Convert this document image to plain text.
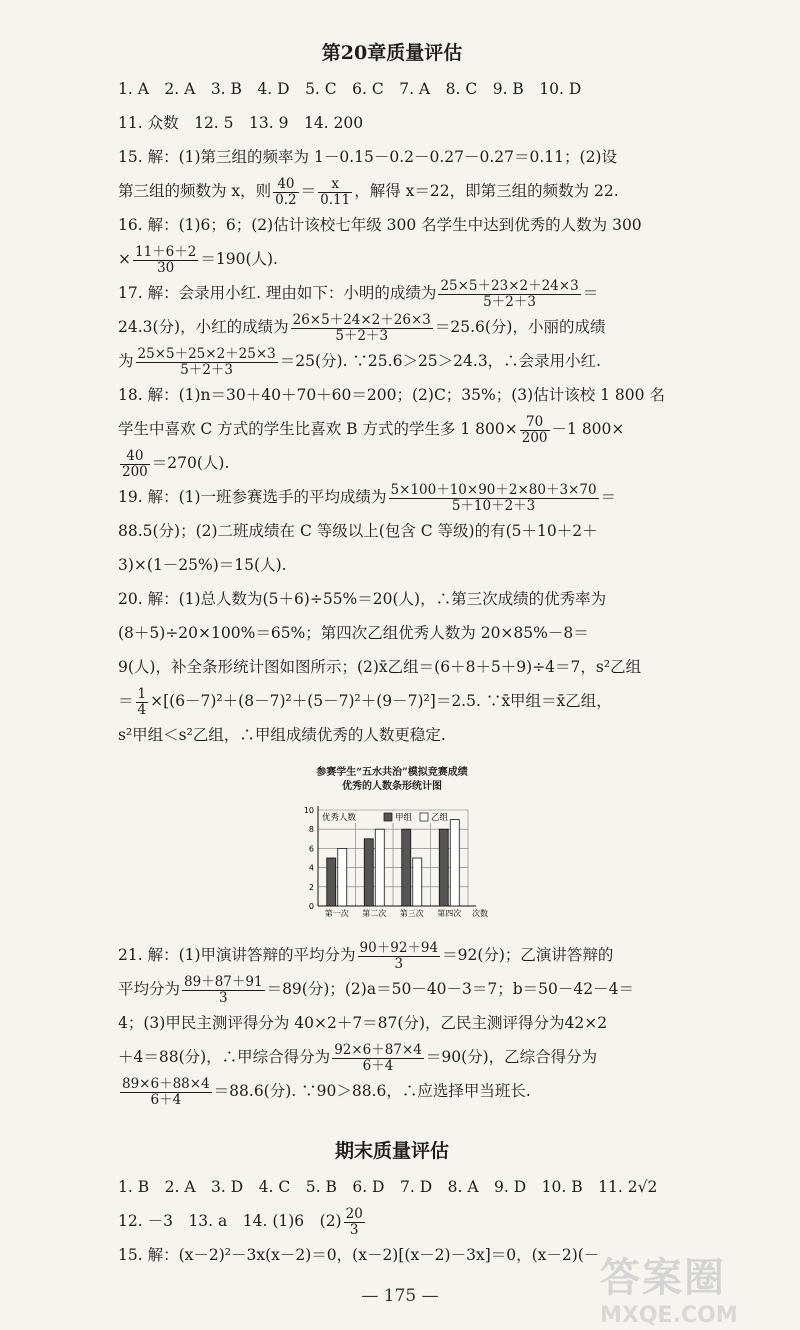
第20章质量评估
1. A　2. A　3. B　4. D　5. C　6. C　7. A　8. C　9. B　10. D
11. 众数　12. 5　13. 9　14. 200
15. 解：(1)第三组的频率为 1－0.15－0.2－0.27－0.27＝0.11；(2)设
第三组的频数为 x，则 $\frac{40}{0.2} = \frac{x}{0.11}$ ，解得 x＝22，即第三组的频数为 22.
16. 解：(1)6；6；(2)估计该校七年级 300 名学生中达到优秀的人数为 300
× $\frac{11+6+2}{30} =190$(人).
17. 解：会录用小红. 理由如下：小明的成绩为 $\frac{25\times 5+23\times 2+24\times 3}{5+2+3}$ ＝
24.3(分)，小红的成绩为 $\frac{26\times 5+24\times 2+26\times 3}{5+2+3} =25.6$(分)，小丽的成绩
为 $\frac{25\times 5+25\times 2+25\times 3}{5+2+3} =25$(分). ∵25.6＞25＞24.3，∴会录用小红.
18. 解：(1)n＝30＋40＋70＋60＝200；(2)C；35%；(3)估计该校 1 800 名
学生中喜欢 C 方式的学生比喜欢 B 方式的学生多 1 $800\times \frac{70}{200} -1$ 800×
$\frac{40}{200} =270$(人).
19. 解：(1)一班参赛选手的平均成绩为 $\frac{5\times 100+10\times 90+2\times 80+3\times 70}{5+10+2+3}$ ＝
88.5(分)；(2)二班成绩在 C 等级以上(包含 C 等级)的有(5＋10＋2＋
3)×(1－25%)＝15(人).
20. 解：(1)总人数为(5＋6)÷55%＝20(人)，∴第三次成绩的优秀率为
(8＋5)÷20×100%＝65%；第四次乙组优秀人数为 20×85%－8＝
9(人)，补全条形统计图如图所示；(2)x̄乙组＝(6＋8＋5＋9)÷4＝7，s²乙组
＝ $\frac{1}{4} \times[(6-7)^2+(8-7)^2+(5-7)^2+(9-7)^2]=2.5$. ∵x̄甲组＝x̄乙组，
s²甲组＜s²乙组，∴甲组成绩优秀的人数更稳定.
参赛学生“五水共治”模拟竞赛成绩
优秀的人数条形统计图
0
2
4
6
8
10
优秀人数	甲组 乙组
第一次 第二次 第三次 第四次 次数
21. 解：(1)甲演讲答辩的平均分为 $\frac{90+92+94}{3} =92$(分)；乙演讲答辩的
平均分为 $\frac{89+87+91}{3} =89$(分)；(2)a＝50－40－3＝7；b＝50－42－4＝
4；(3)甲民主测评得分为 40×2＋7＝87(分)，乙民主测评得分为42×2
＋4＝88(分)，∴甲综合得分为 $\frac{92\times 6+87\times 4}{6+4} =90$(分)，乙综合得分为
$\frac{89\times 6+88\times 4}{6+4} =88.6$(分). ∵90＞88.6，∴应选择甲当班长.
期末质量评估
1. B　2. A　3. D　4. C　5. B　6. D　7. D　8. A　9. D　10. B　11. 2√2
12. －3　13. a　14. (1)6　$(2) \frac{20}{3}$
15. 解：(x－2)²－3x(x－2)＝0，(x－2)[(x－2)－3x]＝0，(x－2)(－
— 175 —	答案圈
MXQE.COM
